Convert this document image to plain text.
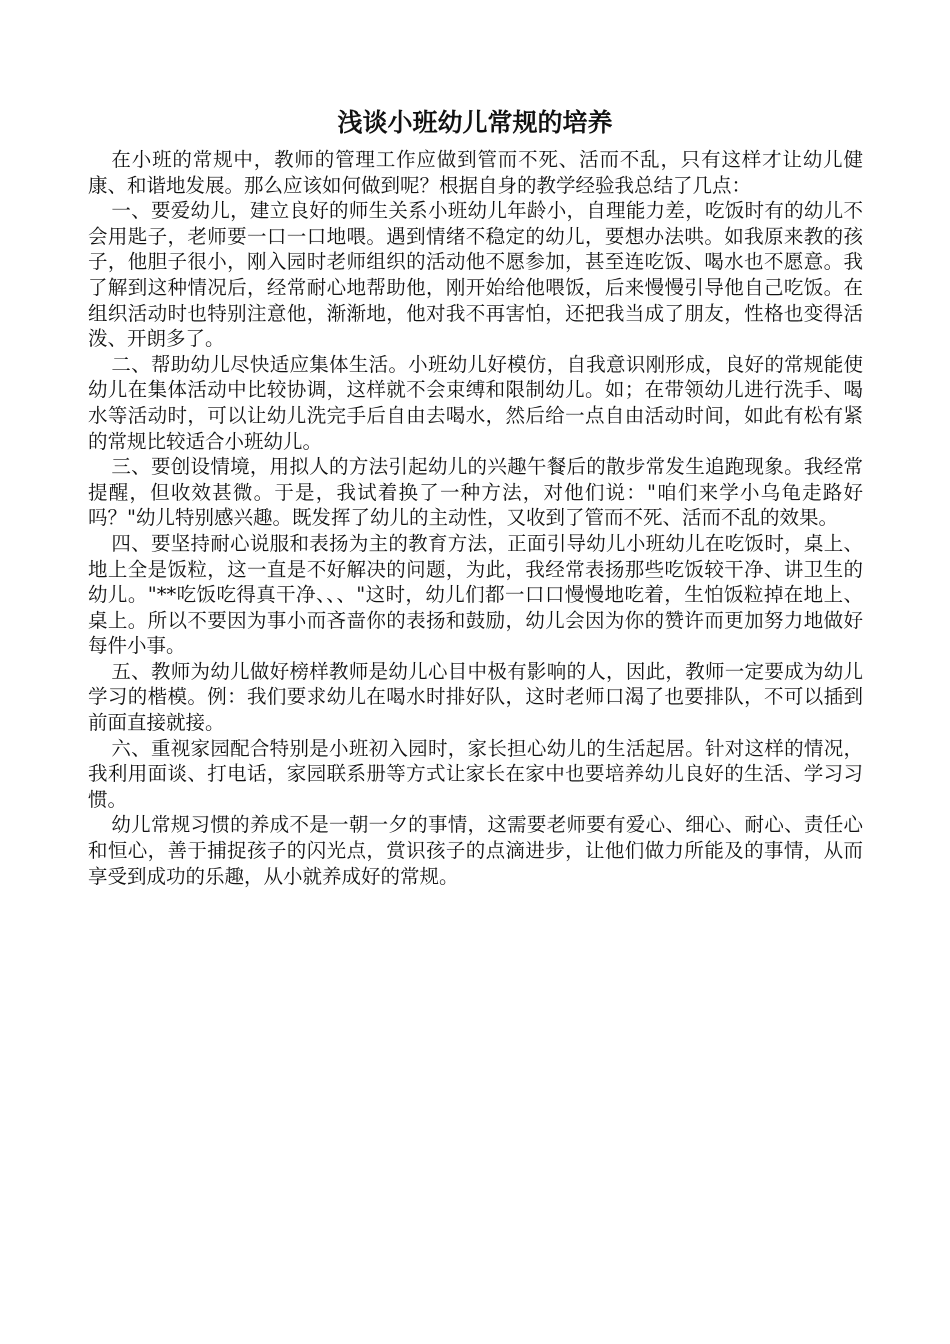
浅谈小班幼儿常规的培养

在小班的常规中，教师的管理工作应做到管而不死、活而不乱，只有这样才让幼儿健康、和谐地发展。那么应该如何做到呢？根据自身的教学经验我总结了几点：

一、要爱幼儿，建立良好的师生关系小班幼儿年龄小，自理能力差，吃饭时有的幼儿不会用匙子，老师要一口一口地喂。遇到情绪不稳定的幼儿，要想办法哄。如我原来教的孩子，他胆子很小，刚入园时老师组织的活动他不愿参加，甚至连吃饭、喝水也不愿意。我了解到这种情况后，经常耐心地帮助他，刚开始给他喂饭，后来慢慢引导他自己吃饭。在组织活动时也特别注意他，渐渐地，他对我不再害怕，还把我当成了朋友，性格也变得活泼、开朗多了。

二、帮助幼儿尽快适应集体生活。小班幼儿好模仿，自我意识刚形成，良好的常规能使幼儿在集体活动中比较协调，这样就不会束缚和限制幼儿。如；在带领幼儿进行洗手、喝水等活动时，可以让幼儿洗完手后自由去喝水，然后给一点自由活动时间，如此有松有紧的常规比较适合小班幼儿。

三、要创设情境，用拟人的方法引起幼儿的兴趣午餐后的散步常发生追跑现象。我经常提醒，但收效甚微。于是，我试着换了一种方法，对他们说："咱们来学小乌龟走路好吗？"幼儿特别感兴趣。既发挥了幼儿的主动性，又收到了管而不死、活而不乱的效果。

四、要坚持耐心说服和表扬为主的教育方法，正面引导幼儿小班幼儿在吃饭时，桌上、地上全是饭粒，这一直是不好解决的问题，为此，我经常表扬那些吃饭较干净、讲卫生的幼儿。"**吃饭吃得真干净、、、"这时，幼儿们都一口口慢慢地吃着，生怕饭粒掉在地上、桌上。所以不要因为事小而吝啬你的表扬和鼓励，幼儿会因为你的赞许而更加努力地做好每件小事。

五、教师为幼儿做好榜样教师是幼儿心目中极有影响的人，因此，教师一定要成为幼儿学习的楷模。例：我们要求幼儿在喝水时排好队，这时老师口渴了也要排队，不可以插到前面直接就接。

六、重视家园配合特别是小班初入园时，家长担心幼儿的生活起居。针对这样的情况，我利用面谈、打电话，家园联系册等方式让家长在家中也要培养幼儿良好的生活、学习习惯。

幼儿常规习惯的养成不是一朝一夕的事情，这需要老师要有爱心、细心、耐心、责任心和恒心，善于捕捉孩子的闪光点，赏识孩子的点滴进步，让他们做力所能及的事情，从而享受到成功的乐趣，从小就养成好的常规。
